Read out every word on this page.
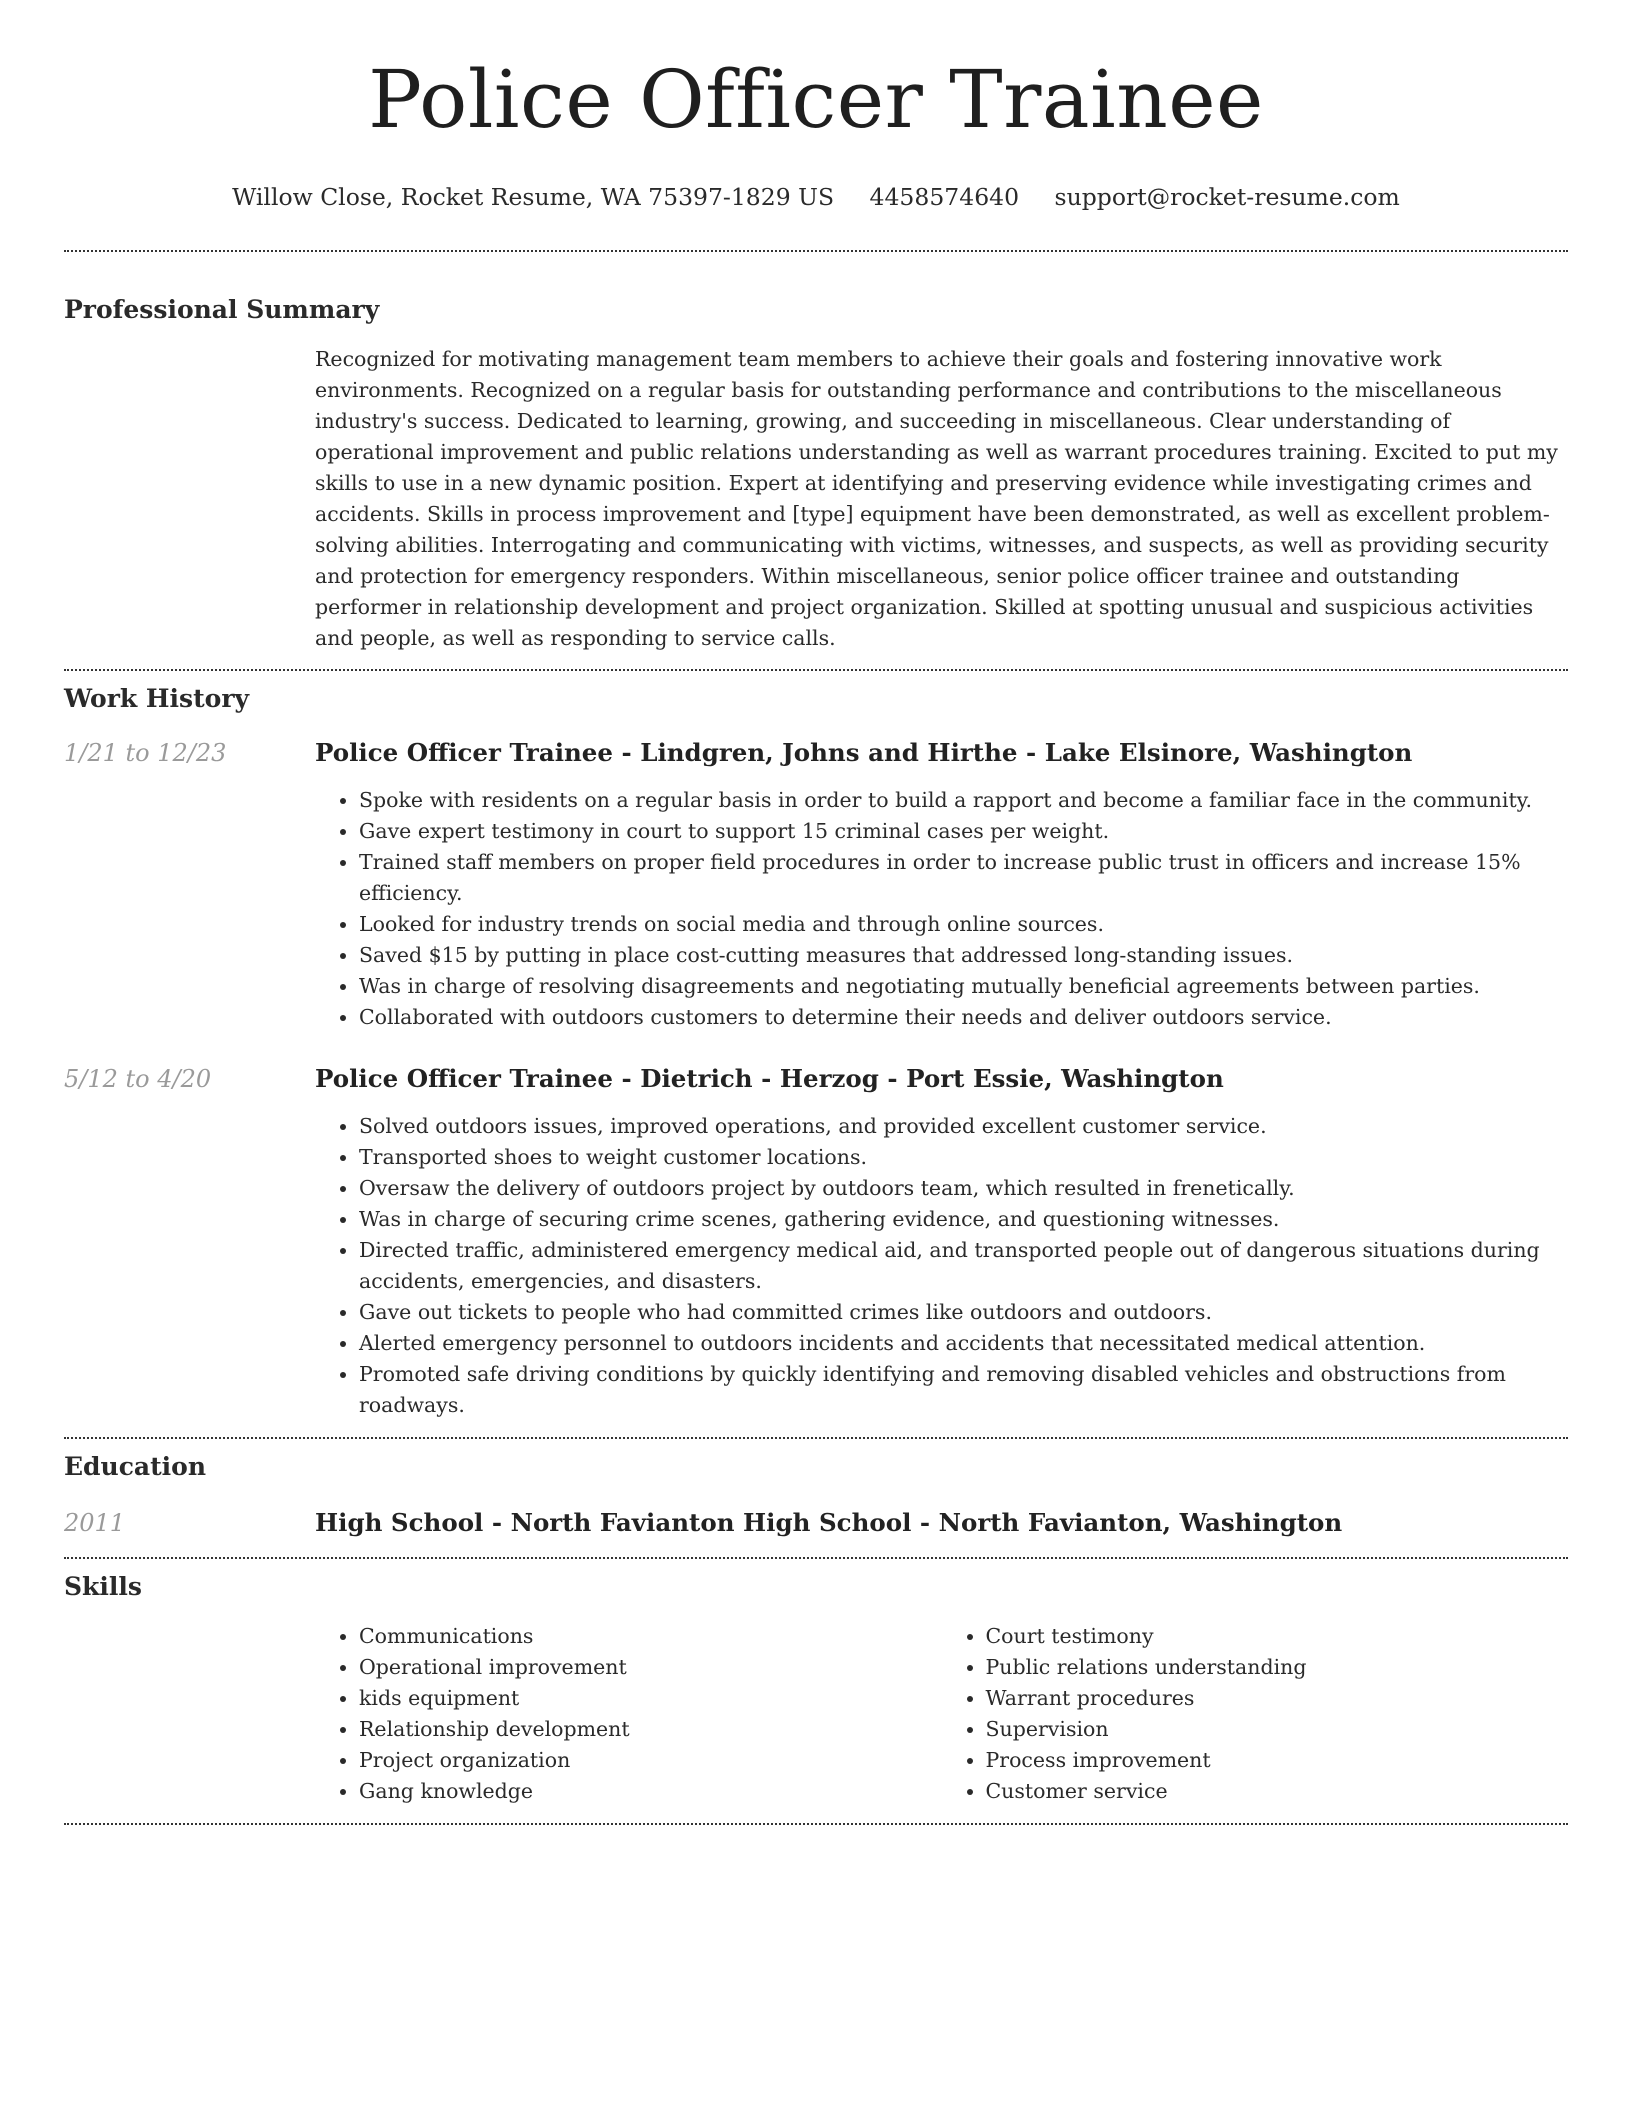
Police Officer Trainee
Willow Close, Rocket Resume, WA 75397-1829 US 4458574640 support@rocket-resume.com
Professional Summary

Recognized for motivating management team members to achieve their goals and fostering innovative work environments. Recognized on a regular basis for outstanding performance and contributions to the miscellaneous industry's success. Dedicated to learning, growing, and succeeding in miscellaneous. Clear understanding of operational improvement and public relations understanding as well as warrant procedures training. Excited to put my skills to use in a new dynamic position. Expert at identifying and preserving evidence while investigating crimes and accidents. Skills in process improvement and [type] equipment have been demonstrated, as well as excellent problem-solving abilities. Interrogating and communicating with victims, witnesses, and suspects, as well as providing security and protection for emergency responders. Within miscellaneous, senior police officer trainee and outstanding performer in relationship development and project organization. Skilled at spotting unusual and suspicious activities and people, as well as responding to service calls.

Work History
1/21 to 12/23	Police Officer Trainee - Lindgren, Johns and Hirthe - Lake Elsinore, Washington
• Spoke with residents on a regular basis in order to build a rapport and become a familiar face in the community.
• Gave expert testimony in court to support 15 criminal cases per weight.
• Trained staff members on proper field procedures in order to increase public trust in officers and increase 15% efficiency.
• Looked for industry trends on social media and through online sources.
• Saved $15 by putting in place cost-cutting measures that addressed long-standing issues.
• Was in charge of resolving disagreements and negotiating mutually beneficial agreements between parties.
• Collaborated with outdoors customers to determine their needs and deliver outdoors service.
5/12 to 4/20	Police Officer Trainee - Dietrich - Herzog - Port Essie, Washington
• Solved outdoors issues, improved operations, and provided excellent customer service.
• Transported shoes to weight customer locations.
• Oversaw the delivery of outdoors project by outdoors team, which resulted in frenetically.
• Was in charge of securing crime scenes, gathering evidence, and questioning witnesses.
• Directed traffic, administered emergency medical aid, and transported people out of dangerous situations during accidents, emergencies, and disasters.
• Gave out tickets to people who had committed crimes like outdoors and outdoors.
• Alerted emergency personnel to outdoors incidents and accidents that necessitated medical attention.
• Promoted safe driving conditions by quickly identifying and removing disabled vehicles and obstructions from roadways.
Education
2011	High School - North Favianton High School - North Favianton, Washington
Skills
• Communications
• Operational improvement
• kids equipment
• Relationship development
• Project organization
• Gang knowledge
• Court testimony
• Public relations understanding
• Warrant procedures
• Supervision
• Process improvement
• Customer service
